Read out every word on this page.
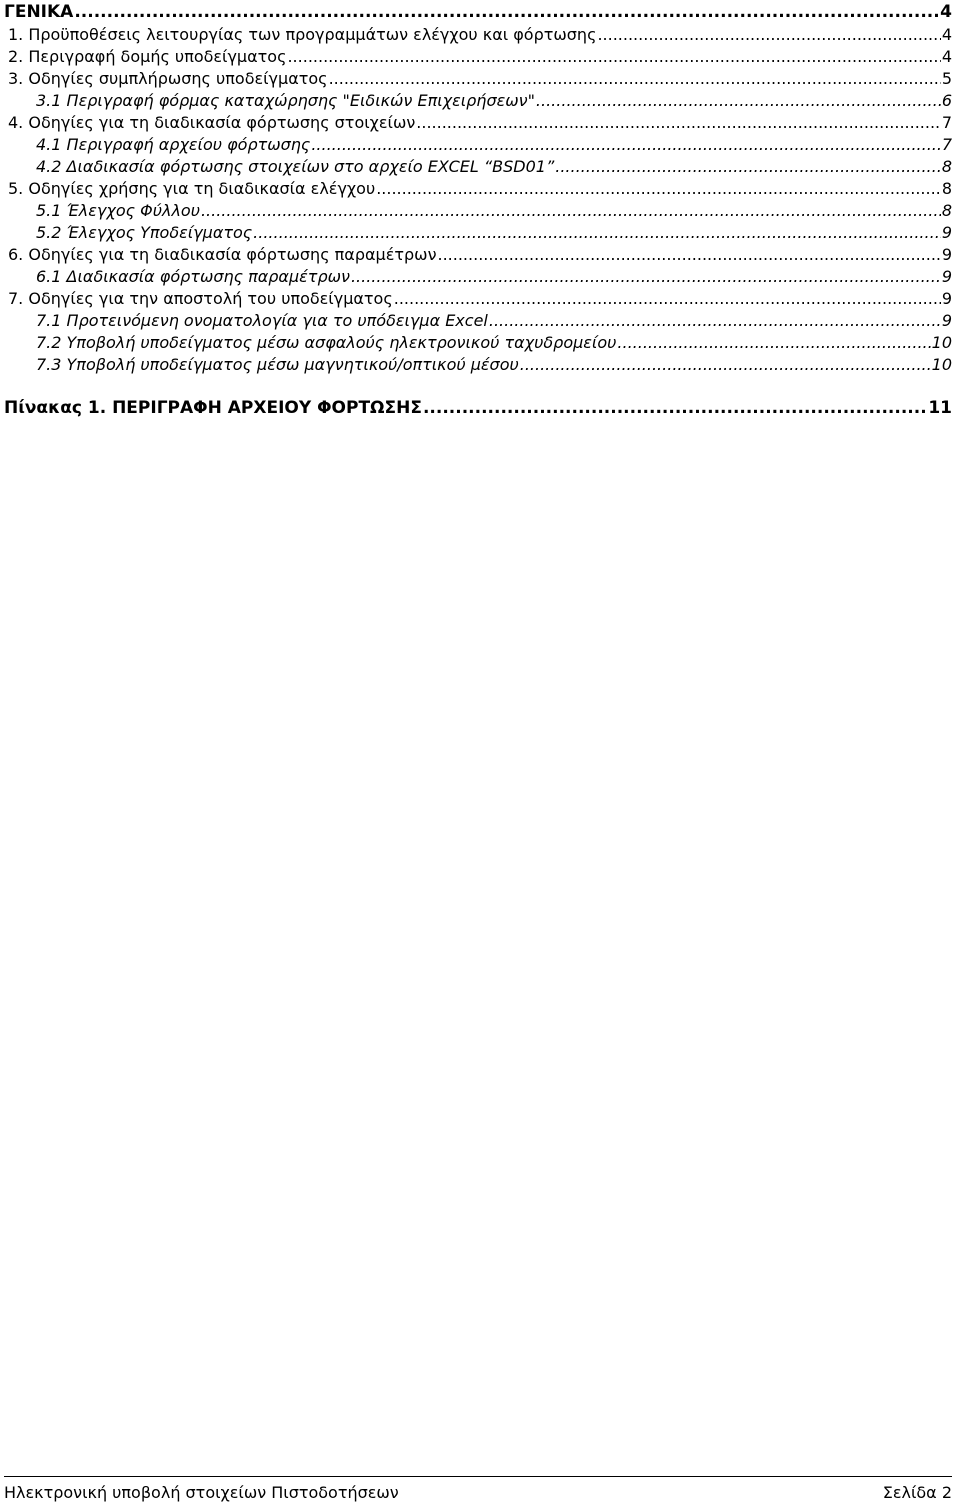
ΓΕΝΙΚΑ .....	4
1. Προϋποθέσεις λειτουργίας των προγραμμάτων ελέγχου και φόρτωσης .....	4
2. Περιγραφή δομής υποδείγματος .....	4
3. Οδηγίες συμπλήρωσης υποδείγματος .....	5
3.1 Περιγραφή φόρμας καταχώρησης "Ειδικών Επιχειρήσεων" .....	6
4. Οδηγίες για τη διαδικασία φόρτωσης στοιχείων .....	7
4.1 Περιγραφή αρχείου φόρτωσης .....	7
4.2 Διαδικασία φόρτωσης στοιχείων στο αρχείο EXCEL “BSD01” .....	8
5. Οδηγίες χρήσης για τη διαδικασία ελέγχου .....	8
5.1 Έλεγχος Φύλλου .....	8
5.2 Έλεγχος Υποδείγματος .....	9
6. Οδηγίες για τη διαδικασία φόρτωσης παραμέτρων .....	9
6.1 Διαδικασία φόρτωσης παραμέτρων .....	9
7. Οδηγίες για την αποστολή του υποδείγματος .....	9
7.1 Προτεινόμενη ονοματολογία για το υπόδειγμα Excel .....	9
7.2 Υποβολή υποδείγματος μέσω ασφαλούς ηλεκτρονικού ταχυδρομείου .....	10
7.3 Υποβολή υποδείγματος μέσω μαγνητικού/οπτικού μέσου .....	10
Πίνακας 1. ΠΕΡΙΓΡΑΦΗ ΑΡΧΕΙΟΥ ΦΟΡΤΩΣΗΣ .....	11
Ηλεκτρονική υποβολή στοιχείων Πιστοδοτήσεων	Σελίδα 2
